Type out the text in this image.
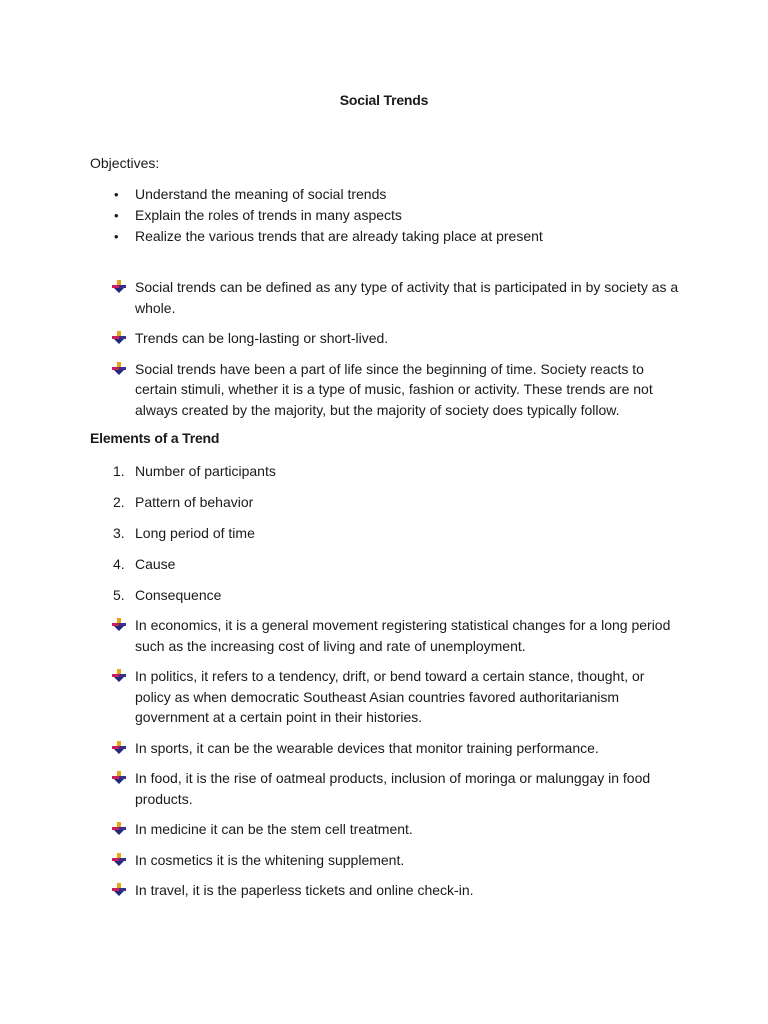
Social Trends
Objectives:
• Understand the meaning of social trends
• Explain the roles of trends in many aspects
• Realize the various trends that are already taking place at present
Social trends can be defined as any type of activity that is participated in by society as a whole.
Trends can be long-lasting or short-lived.
Social trends have been a part of life since the beginning of time. Society reacts to certain stimuli, whether it is a type of music, fashion or activity. These trends are not always created by the majority, but the majority of society does typically follow.
Elements of a Trend
1. Number of participants
2. Pattern of behavior
3. Long period of time
4. Cause
5. Consequence
In economics, it is a general movement registering statistical changes for a long period such as the increasing cost of living and rate of unemployment.
In politics, it refers to a tendency, drift, or bend toward a certain stance, thought, or policy as when democratic Southeast Asian countries favored authoritarianism government at a certain point in their histories.
In sports, it can be the wearable devices that monitor training performance.
In food, it is the rise of oatmeal products, inclusion of moringa or malunggay in food products.
In medicine it can be the stem cell treatment.
In cosmetics it is the whitening supplement.
In travel, it is the paperless tickets and online check-in.
